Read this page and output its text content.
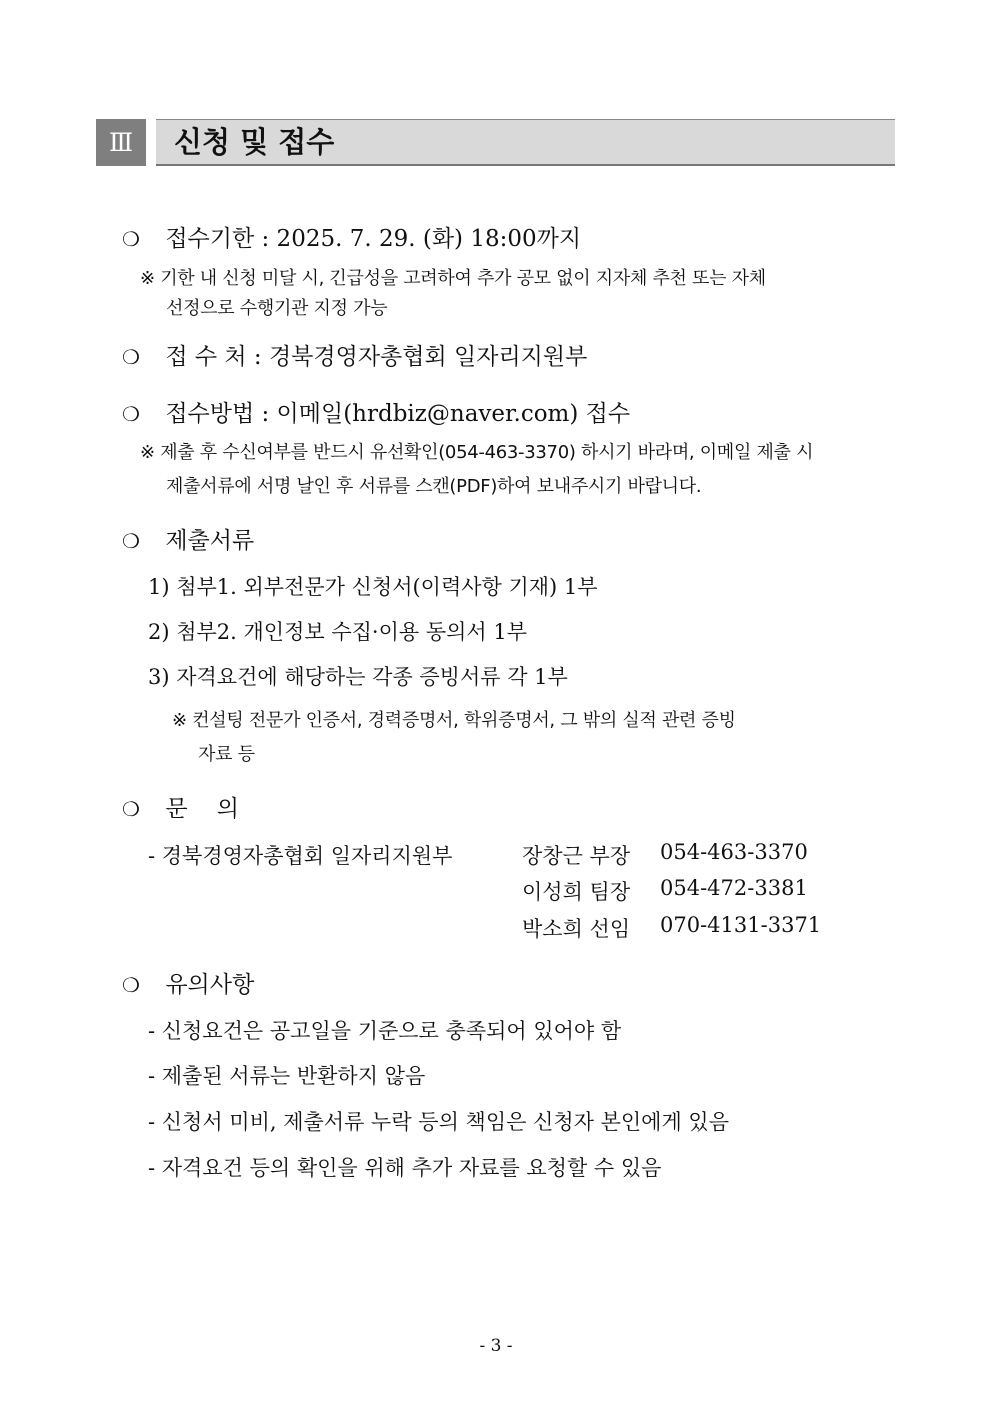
Ⅲ	신청 및 접수
❍ 접수기한 : 2025. 7. 29. (화) 18:00까지
※ 기한 내 신청 미달 시, 긴급성을 고려하여 추가 공모 없이 지자체 추천 또는 자체
선정으로 수행기관 지정 가능
❍ 접 수 처 : 경북경영자총협회 일자리지원부
❍ 접수방법 : 이메일(hrdbiz@naver.com) 접수
※ 제출 후 수신여부를 반드시 유선확인(054-463-3370) 하시기 바라며, 이메일 제출 시
제출서류에 서명 날인 후 서류를 스캔(PDF)하여 보내주시기 바랍니다.
❍ 제출서류
1) 첨부1. 외부전문가 신청서(이력사항 기재) 1부
2) 첨부2. 개인정보 수집·이용 동의서 1부
3) 자격요건에 해당하는 각종 증빙서류 각 1부
※ 컨설팅 전문가 인증서, 경력증명서, 학위증명서, 그 밖의 실적 관련 증빙
자료 등
❍ 문    의
- 경북경영자총협회 일자리지원부	장창근 부장 054-463-3370
이성희 팀장 054-472-3381
박소희 선임 070-4131-3371
❍ 유의사항
- 신청요건은 공고일을 기준으로 충족되어 있어야 함
- 제출된 서류는 반환하지 않음
- 신청서 미비, 제출서류 누락 등의 책임은 신청자 본인에게 있음
- 자격요건 등의 확인을 위해 추가 자료를 요청할 수 있음
- 3 -
